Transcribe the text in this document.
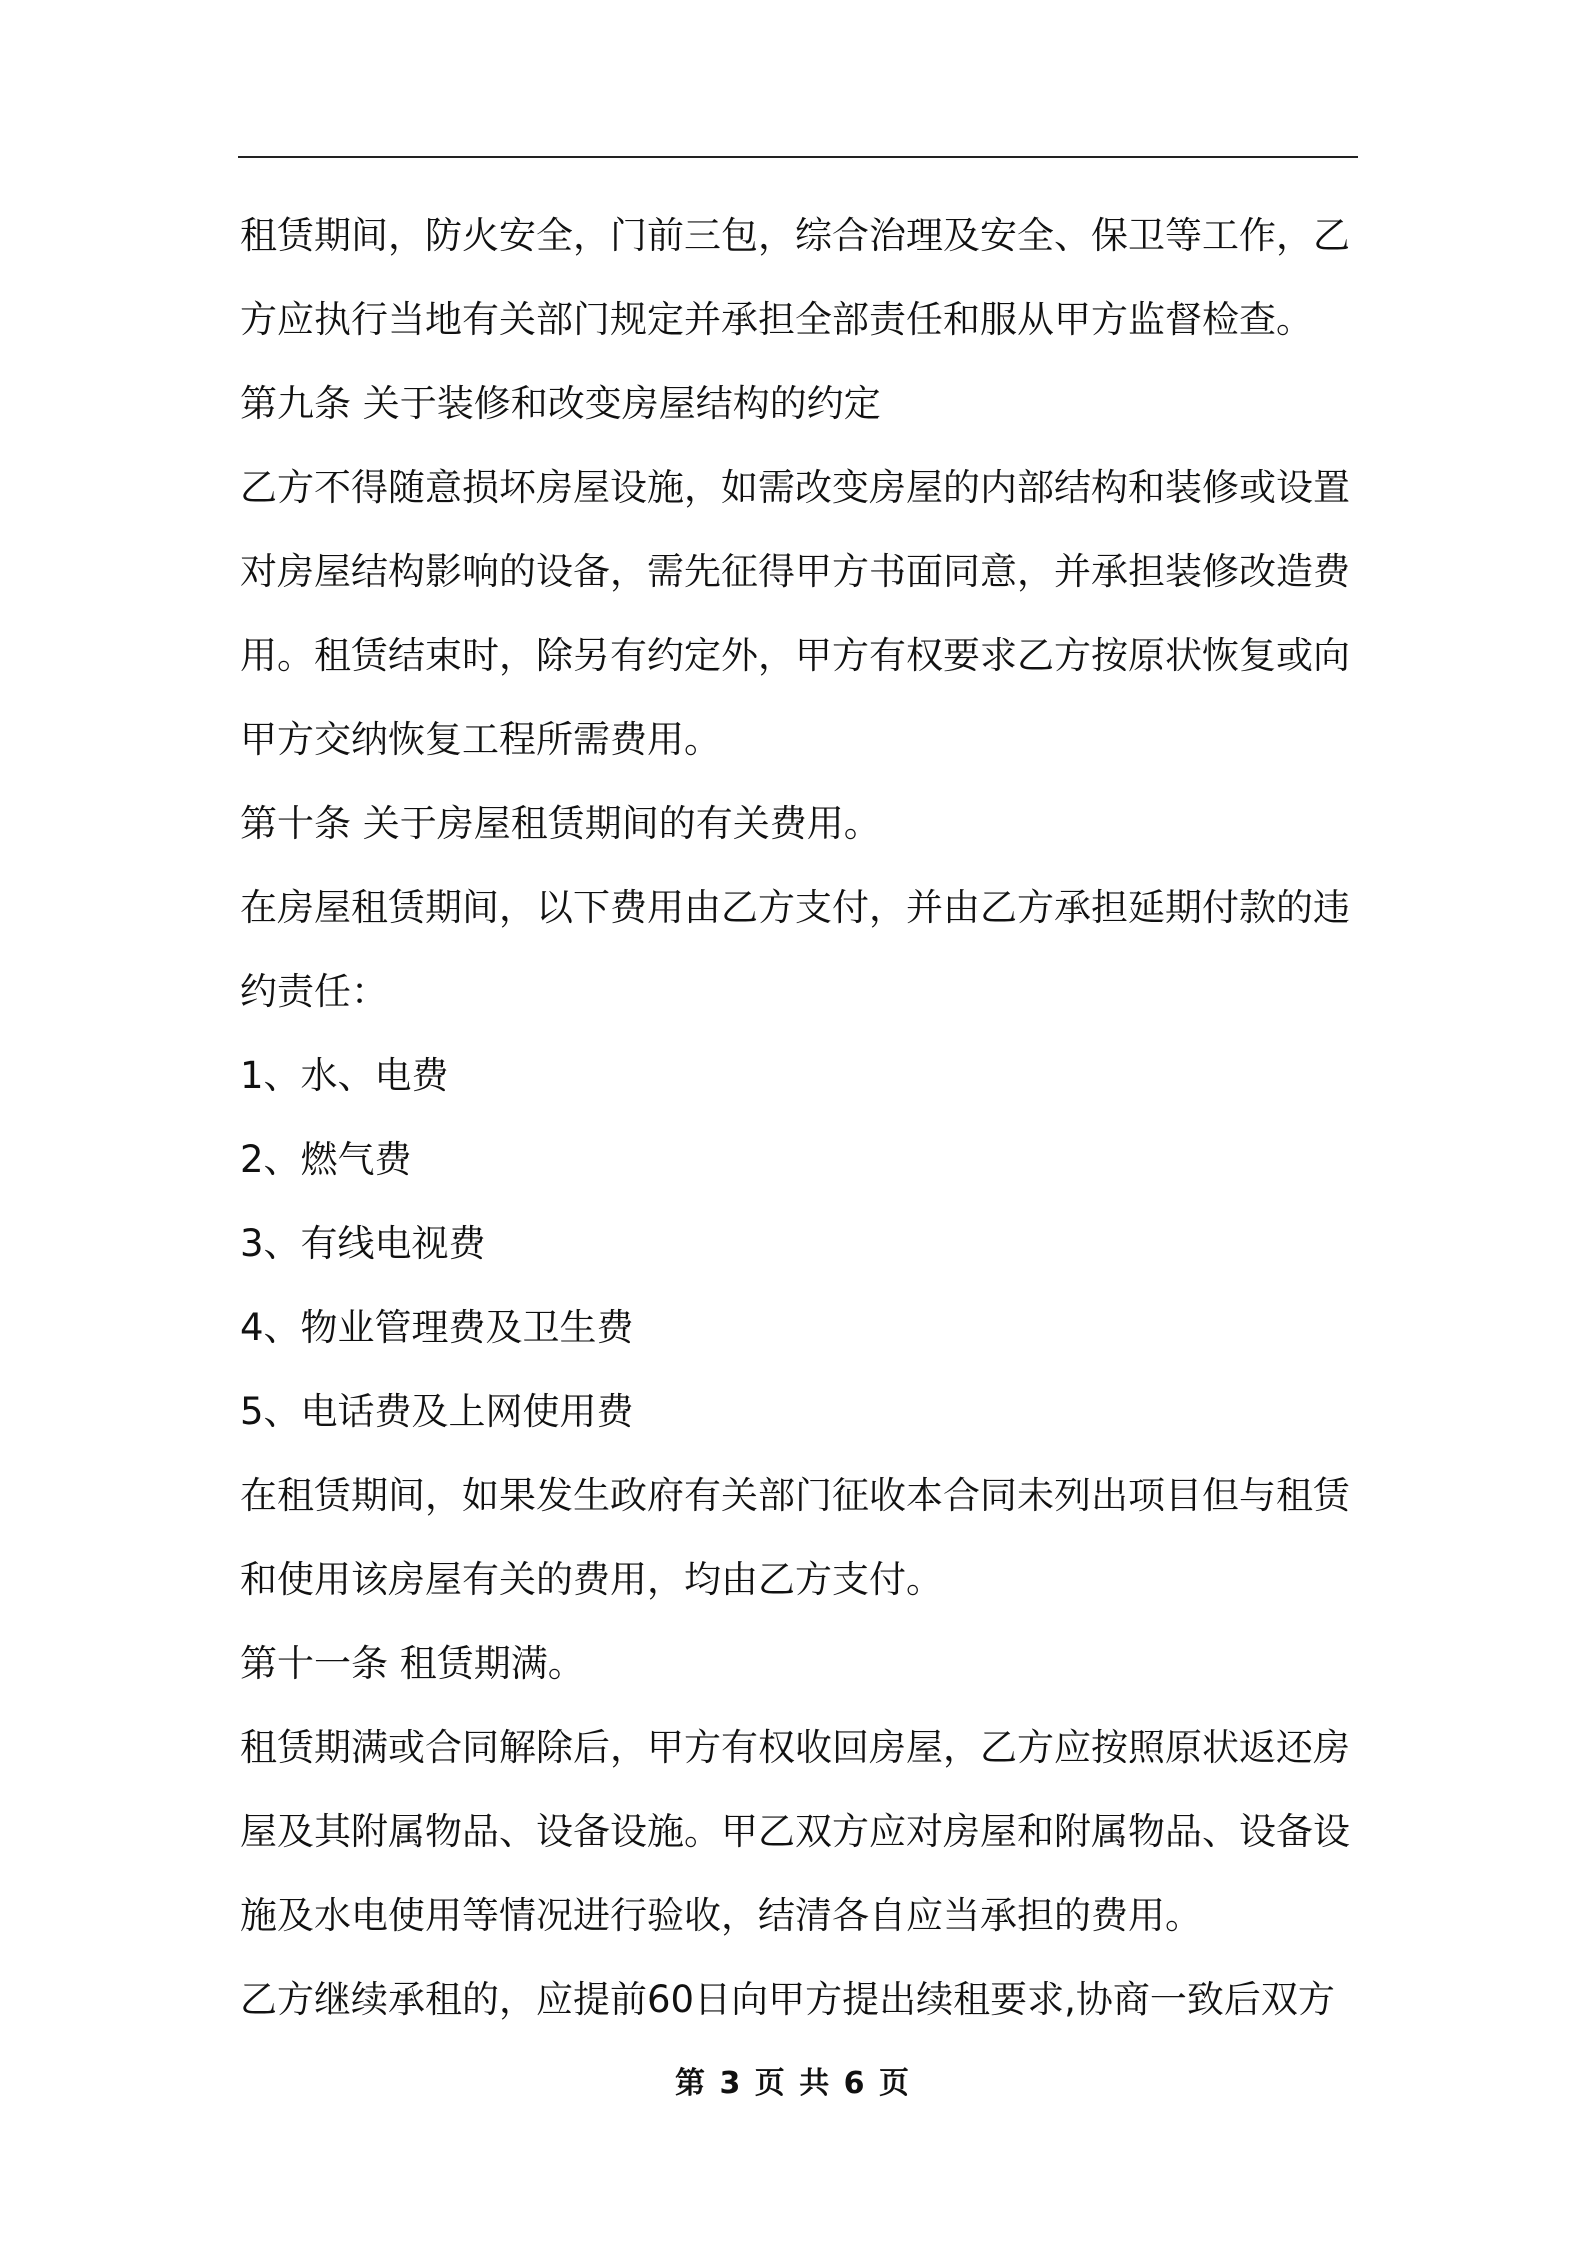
租赁期间，防火安全，门前三包，综合治理及安全、保卫等工作，乙
方应执行当地有关部门规定并承担全部责任和服从甲方监督检查。
第九条 关于装修和改变房屋结构的约定
乙方不得随意损坏房屋设施，如需改变房屋的内部结构和装修或设置
对房屋结构影响的设备，需先征得甲方书面同意，并承担装修改造费
用。租赁结束时，除另有约定外，甲方有权要求乙方按原状恢复或向
甲方交纳恢复工程所需费用。
第十条 关于房屋租赁期间的有关费用。
在房屋租赁期间，以下费用由乙方支付，并由乙方承担延期付款的违
约责任：
1、水、电费
2、燃气费
3、有线电视费
4、物业管理费及卫生费
5、电话费及上网使用费
在租赁期间，如果发生政府有关部门征收本合同未列出项目但与租赁
和使用该房屋有关的费用，均由乙方支付。
第十一条 租赁期满。
租赁期满或合同解除后，甲方有权收回房屋，乙方应按照原状返还房
屋及其附属物品、设备设施。甲乙双方应对房屋和附属物品、设备设
施及水电使用等情况进行验收，结清各自应当承担的费用。
乙方继续承租的，应提前60日向甲方提出续租要求,协商一致后双方
第 3 页 共 6 页
